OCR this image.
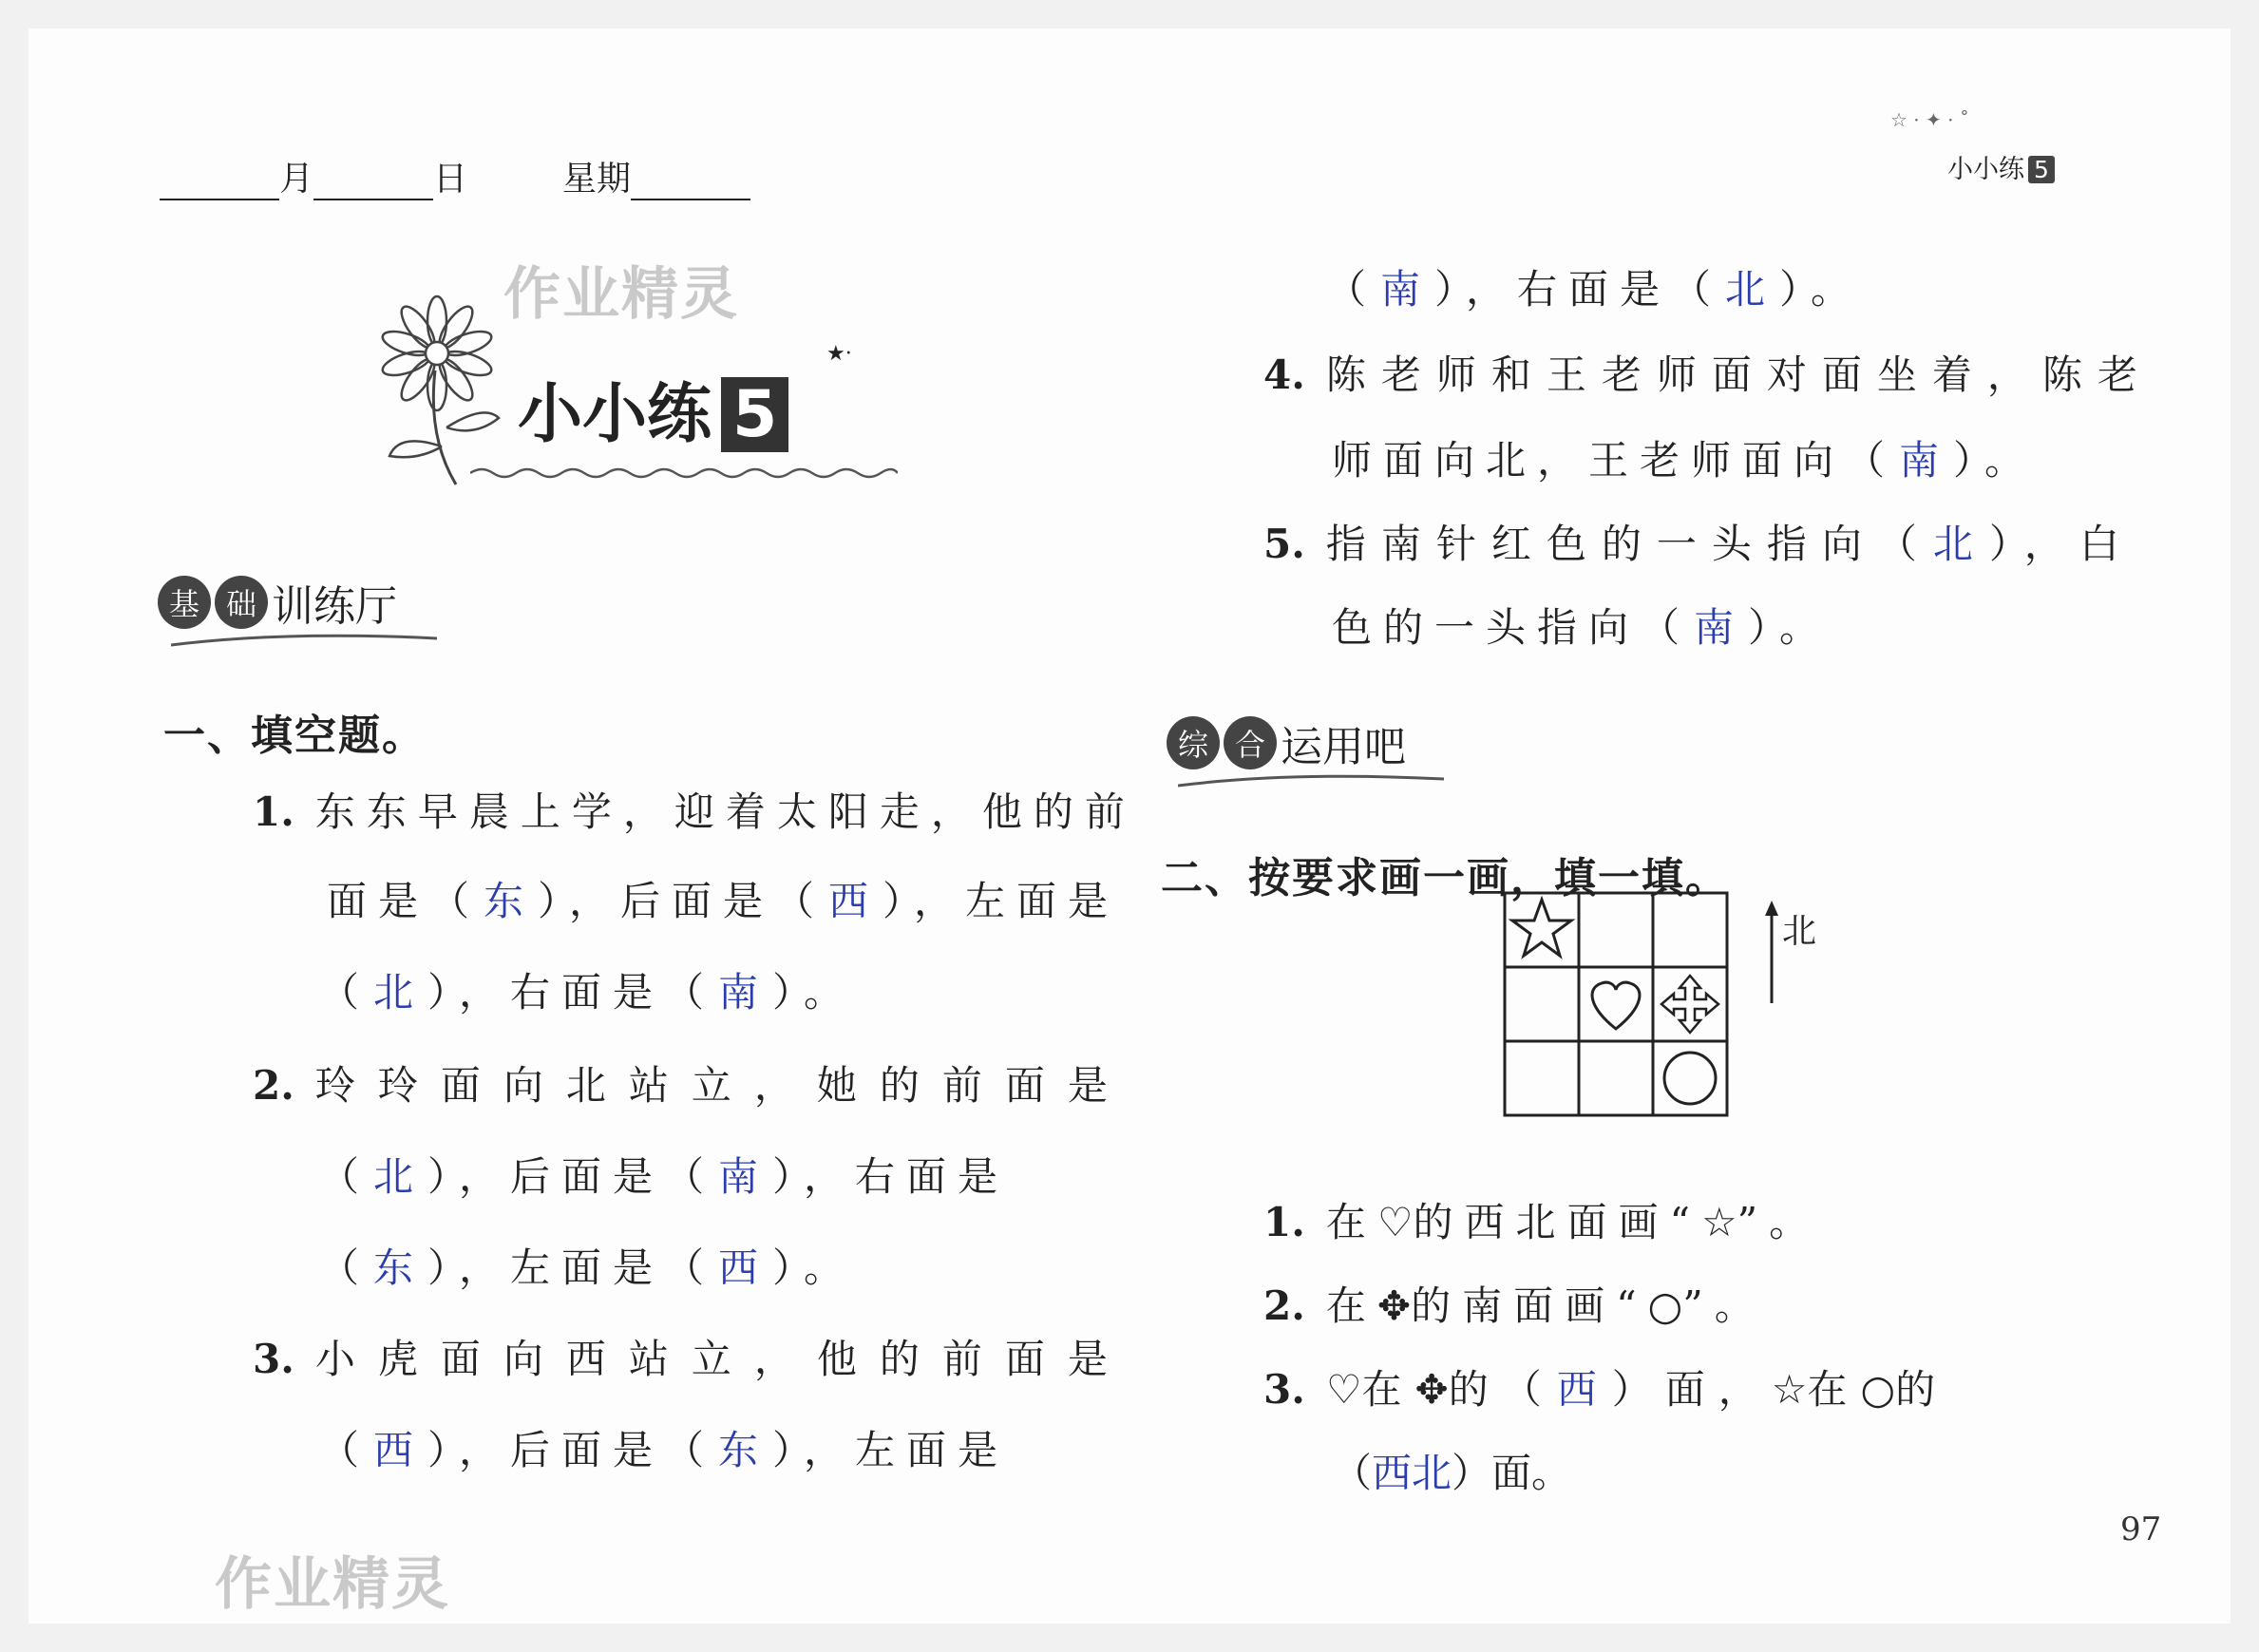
月	日	星期
☆ · ✦ · ˚
小小练 5
作业精灵
小小练 5
★·
基 础 训练厅
一、填空题。
1. 东东早晨上学，迎着太阳走，他的前
面是（东），后面是（西），左面是
（北），右面是（南）。
2. 玲玲面向北站立，她的前面是
（北），后面是（南），右面是
（东），左面是（西）。
3. 小虎面向西站立，他的前面是
（西），后面是（东），左面是
（南），右面是（北）。
4. 陈老师和王老师面对面坐着，陈老
师面向北，王老师面向（南）。
5. 指南针红色的一头指向（北），白
色的一头指向（南）。
综 合 运用吧
二、按要求画一画，填一填。
北
1. 在♡的西北面画“☆”。
2. 在✥的南面画“○”。
3. ♡在✥的（西）面，☆在○的
（西北）面。
作业精灵
97
